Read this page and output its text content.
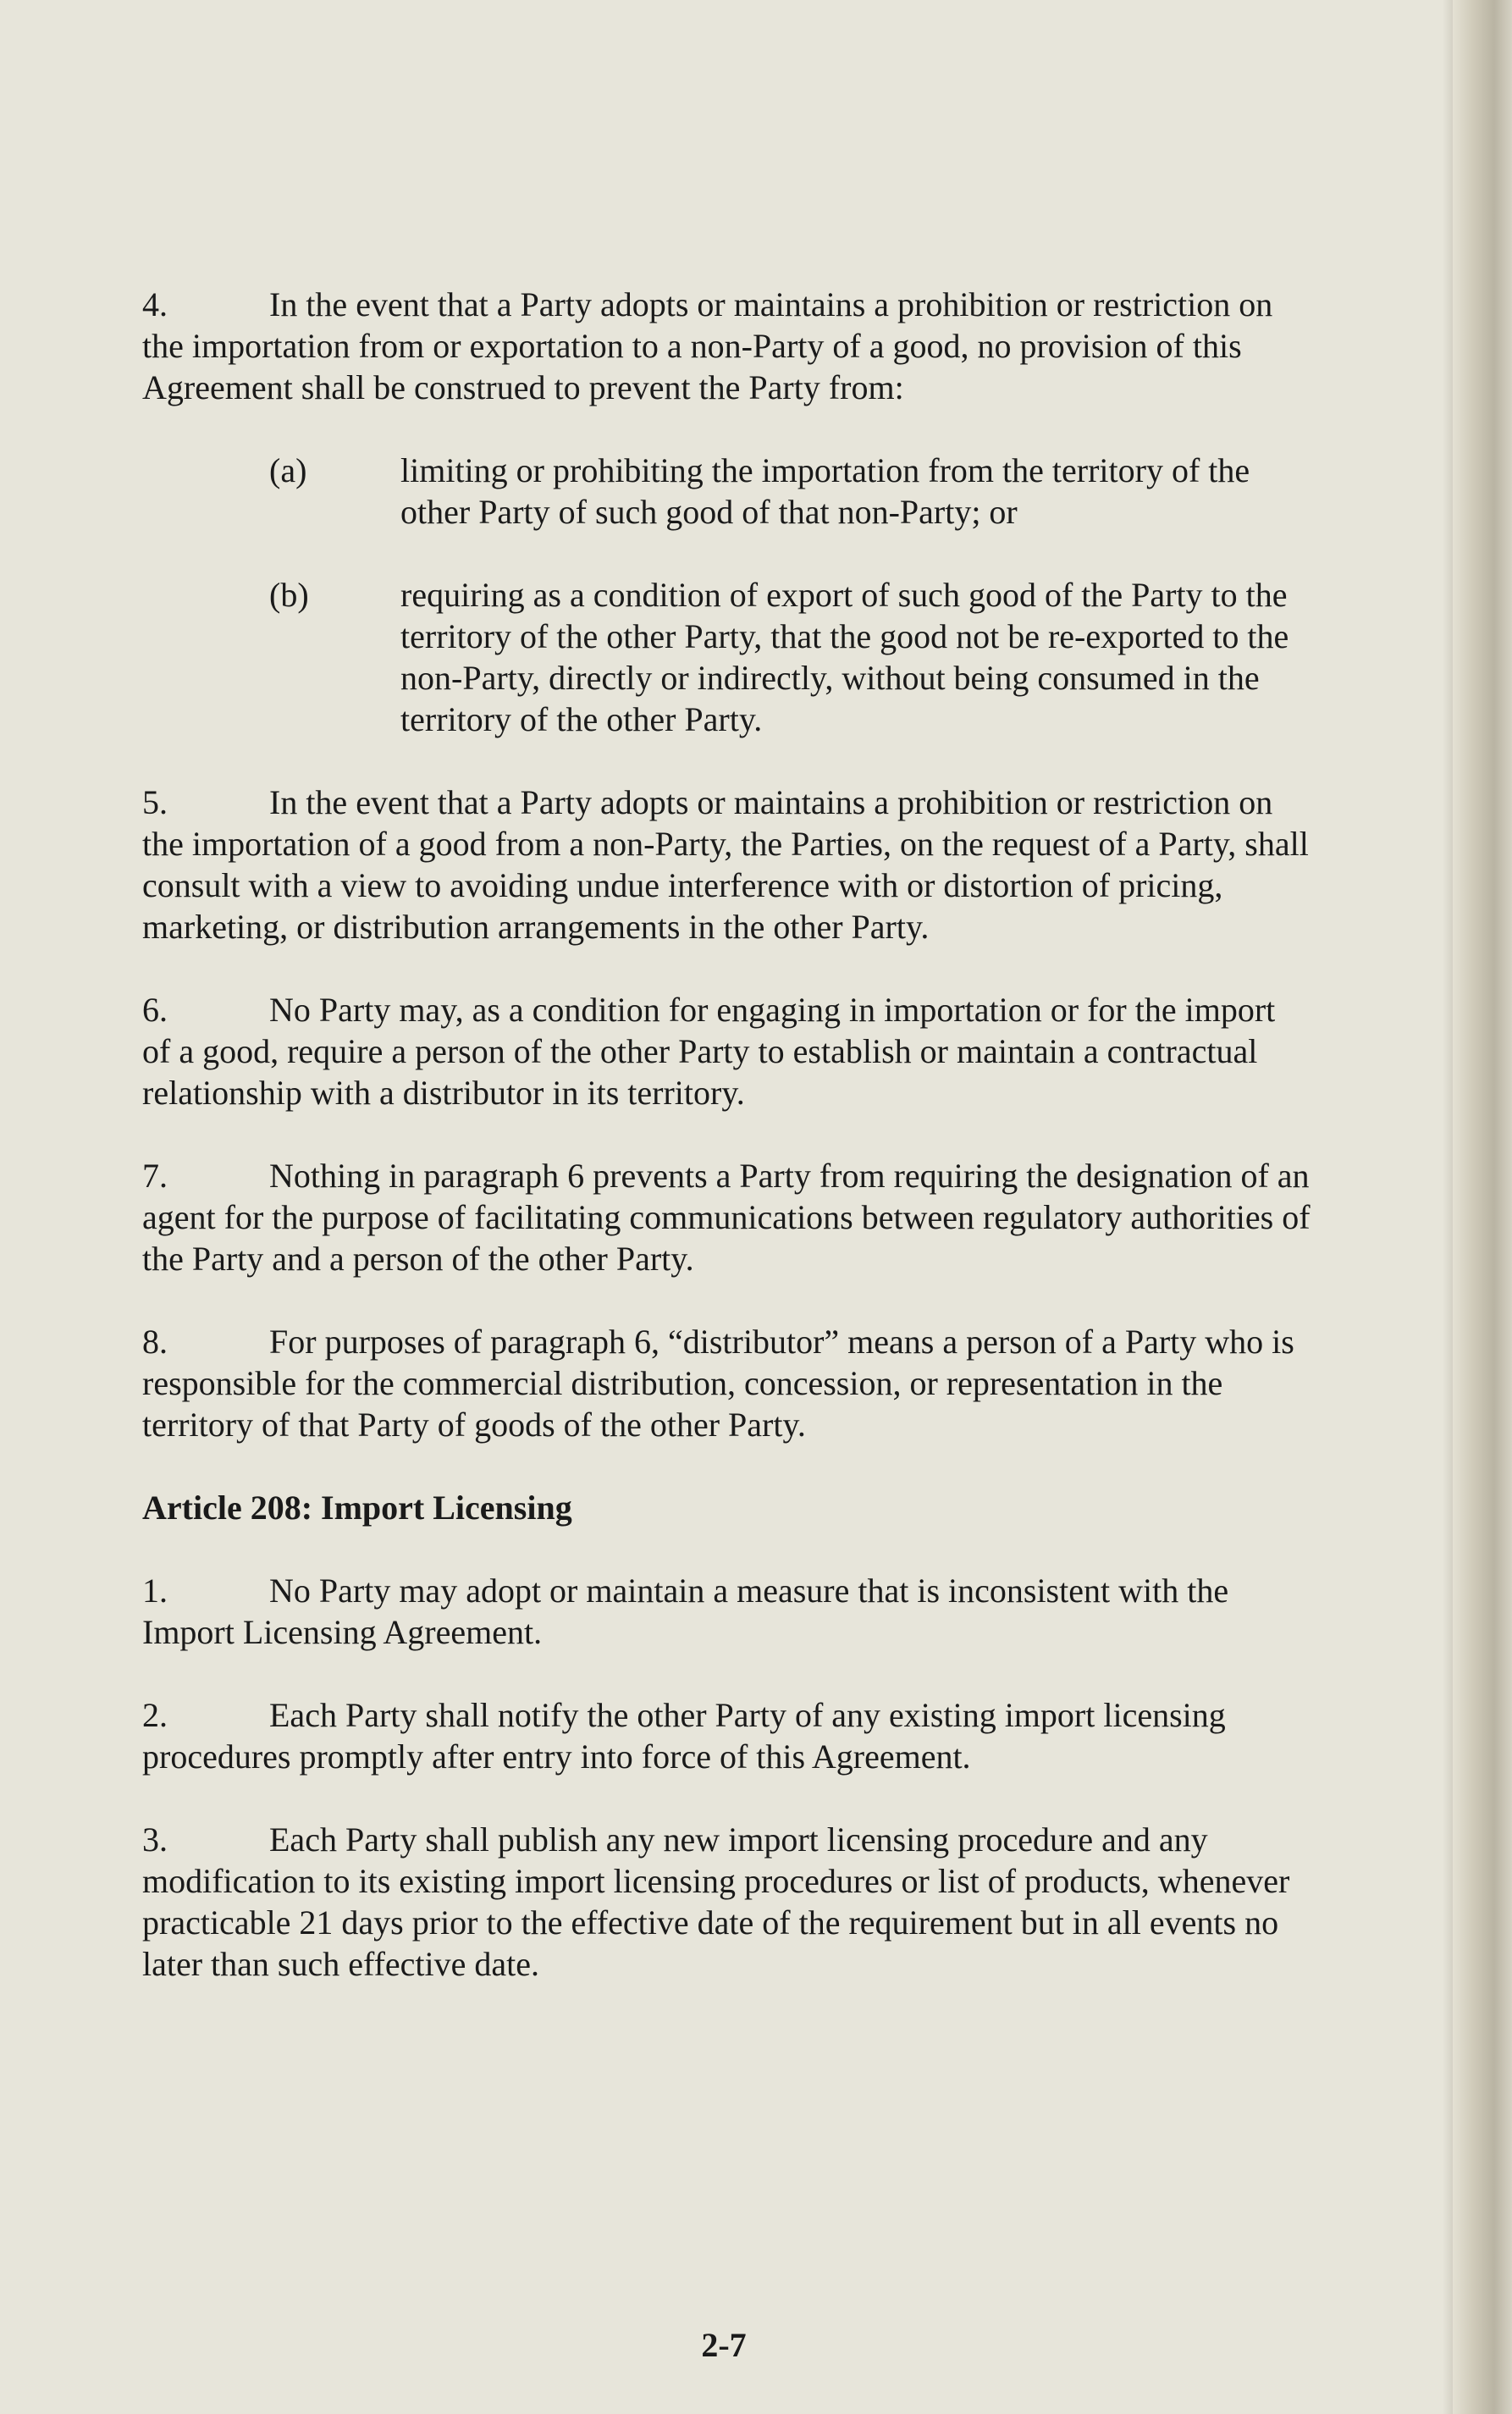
4.	In the event that a Party adopts or maintains a prohibition or restriction on the importation from or exportation to a non-Party of a good, no provision of this Agreement shall be construed to prevent the Party from:

(a)	limiting or prohibiting the importation from the territory of the other Party of such good of that non-Party; or
(b)	requiring as a condition of export of such good of the Party to the territory of the other Party, that the good not be re-exported to the non-Party, directly or indirectly, without being consumed in the territory of the other Party.

5.	In the event that a Party adopts or maintains a prohibition or restriction on the importation of a good from a non-Party, the Parties, on the request of a Party, shall consult with a view to avoiding undue interference with or distortion of pricing, marketing, or distribution arrangements in the other Party.

6.	No Party may, as a condition for engaging in importation or for the import of a good, require a person of the other Party to establish or maintain a contractual relationship with a distributor in its territory.

7.	Nothing in paragraph 6 prevents a Party from requiring the designation of an agent for the purpose of facilitating communications between regulatory authorities of the Party and a person of the other Party.

8.	For purposes of paragraph 6, “distributor” means a person of a Party who is responsible for the commercial distribution, concession, or representation in the territory of that Party of goods of the other Party.

Article 208: Import Licensing

1.	No Party may adopt or maintain a measure that is inconsistent with the Import Licensing Agreement.

2.	Each Party shall notify the other Party of any existing import licensing procedures promptly after entry into force of this Agreement.

3.	Each Party shall publish any new import licensing procedure and any modification to its existing import licensing procedures or list of products, whenever practicable 21 days prior to the effective date of the requirement but in all events no later than such effective date.

2-7
